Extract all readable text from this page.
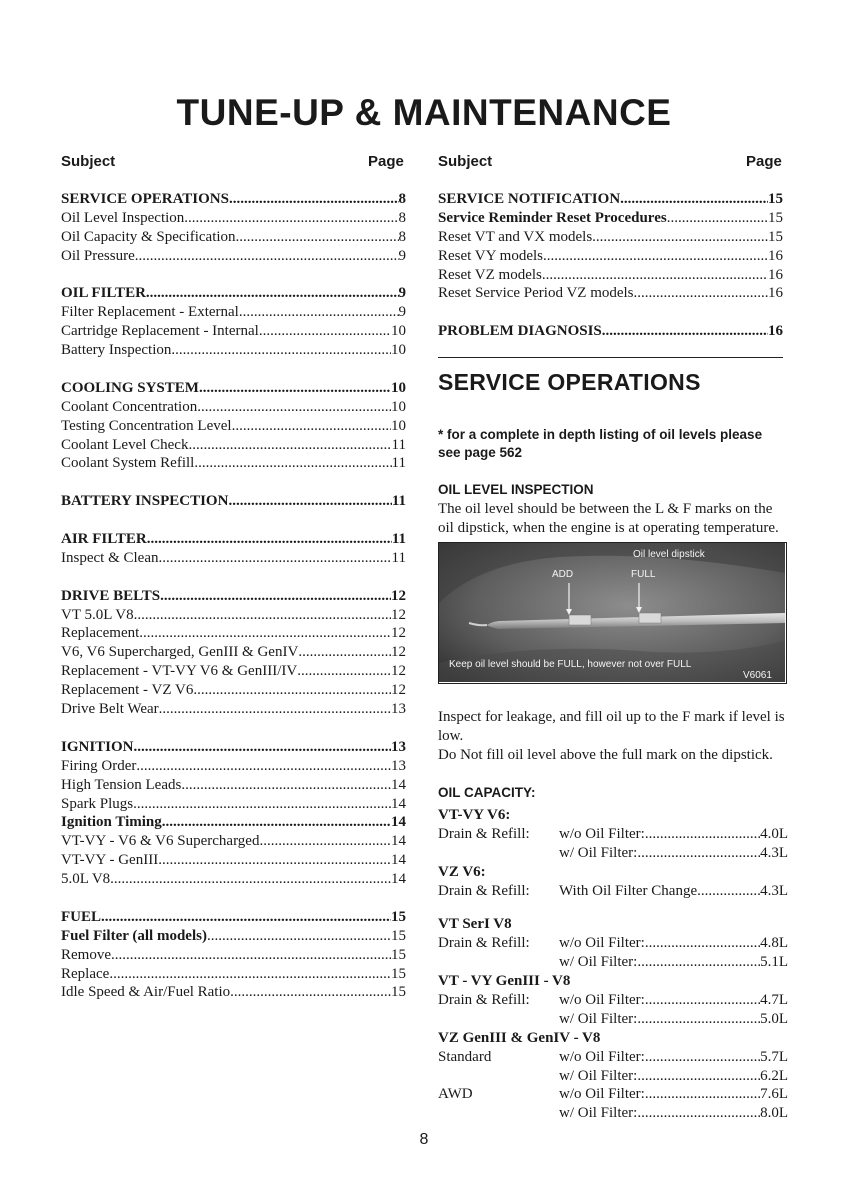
TUNE-UP & MAINTENANCE
Subject	Page Subject	Page
SERVICE OPERATIONS .....	8
Oil Level Inspection .....	8
Oil Capacity & Specification .....	8
Oil Pressure .....	9
OIL FILTER .....	9
Filter Replacement - External .....	9
Cartridge Replacement - Internal .....	10
Battery Inspection .....	10
COOLING SYSTEM .....	10
Coolant Concentration .....	10
Testing Concentration Level .....	10
Coolant Level Check .....	11
Coolant System Refill .....	11
BATTERY INSPECTION .....	11
AIR FILTER .....	11
Inspect & Clean .....	11
DRIVE BELTS .....	12
VT 5.0L V8 .....	12
Replacement .....	12
V6, V6 Supercharged, GenIII & GenIV .....	12
Replacement - VT-VY V6 & GenIII/IV .....	12
Replacement - VZ V6 .....	12
Drive Belt Wear .....	13
IGNITION .....	13
Firing Order .....	13
High Tension Leads .....	14
Spark Plugs .....	14
Ignition Timing .....	14
VT-VY - V6 & V6 Supercharged .....	14
VT-VY - GenIII .....	14
5.0L V8 .....	14
FUEL .....	15
Fuel Filter (all models) .....	15
Remove .....	15
Replace .....	15
Idle Speed & Air/Fuel Ratio .....	15
SERVICE NOTIFICATION .....	15
Service Reminder Reset Procedures .....	15
Reset VT and VX models .....	15
Reset VY models .....	16
Reset VZ models .....	16
Reset Service Period VZ models .....	16
PROBLEM DIAGNOSIS .....	16
SERVICE OPERATIONS
* for a complete in depth listing of oil levels please see page 562
OIL LEVEL INSPECTION
The oil level should be between the L & F marks on the oil dipstick, when the engine is at operating temperature.
Oil level dipstick
ADD	FULL
Keep oil level should be FULL, however not over FULL
V6061
Inspect for leakage, and fill oil up to the F mark if level is low.
Do Not fill oil level above the full mark on the dipstick.
OIL CAPACITY:
VT-VY V6:
Drain & Refill:	w/o Oil Filter: .....	4.0L
w/ Oil Filter: .....	4.3L
VZ V6:
Drain & Refill:	With Oil Filter Change .....	4.3L
VT SerI V8
Drain & Refill:	w/o Oil Filter: .....	4.8L
w/ Oil Filter: .....	5.1L
VT - VY GenIII - V8
Drain & Refill:	w/o Oil Filter: .....	4.7L
w/ Oil Filter: .....	5.0L
VZ GenIII & GenIV - V8
Standard	w/o Oil Filter: .....	5.7L
w/ Oil Filter: .....	6.2L
AWD	w/o Oil Filter: .....	7.6L
w/ Oil Filter: .....	8.0L
8
